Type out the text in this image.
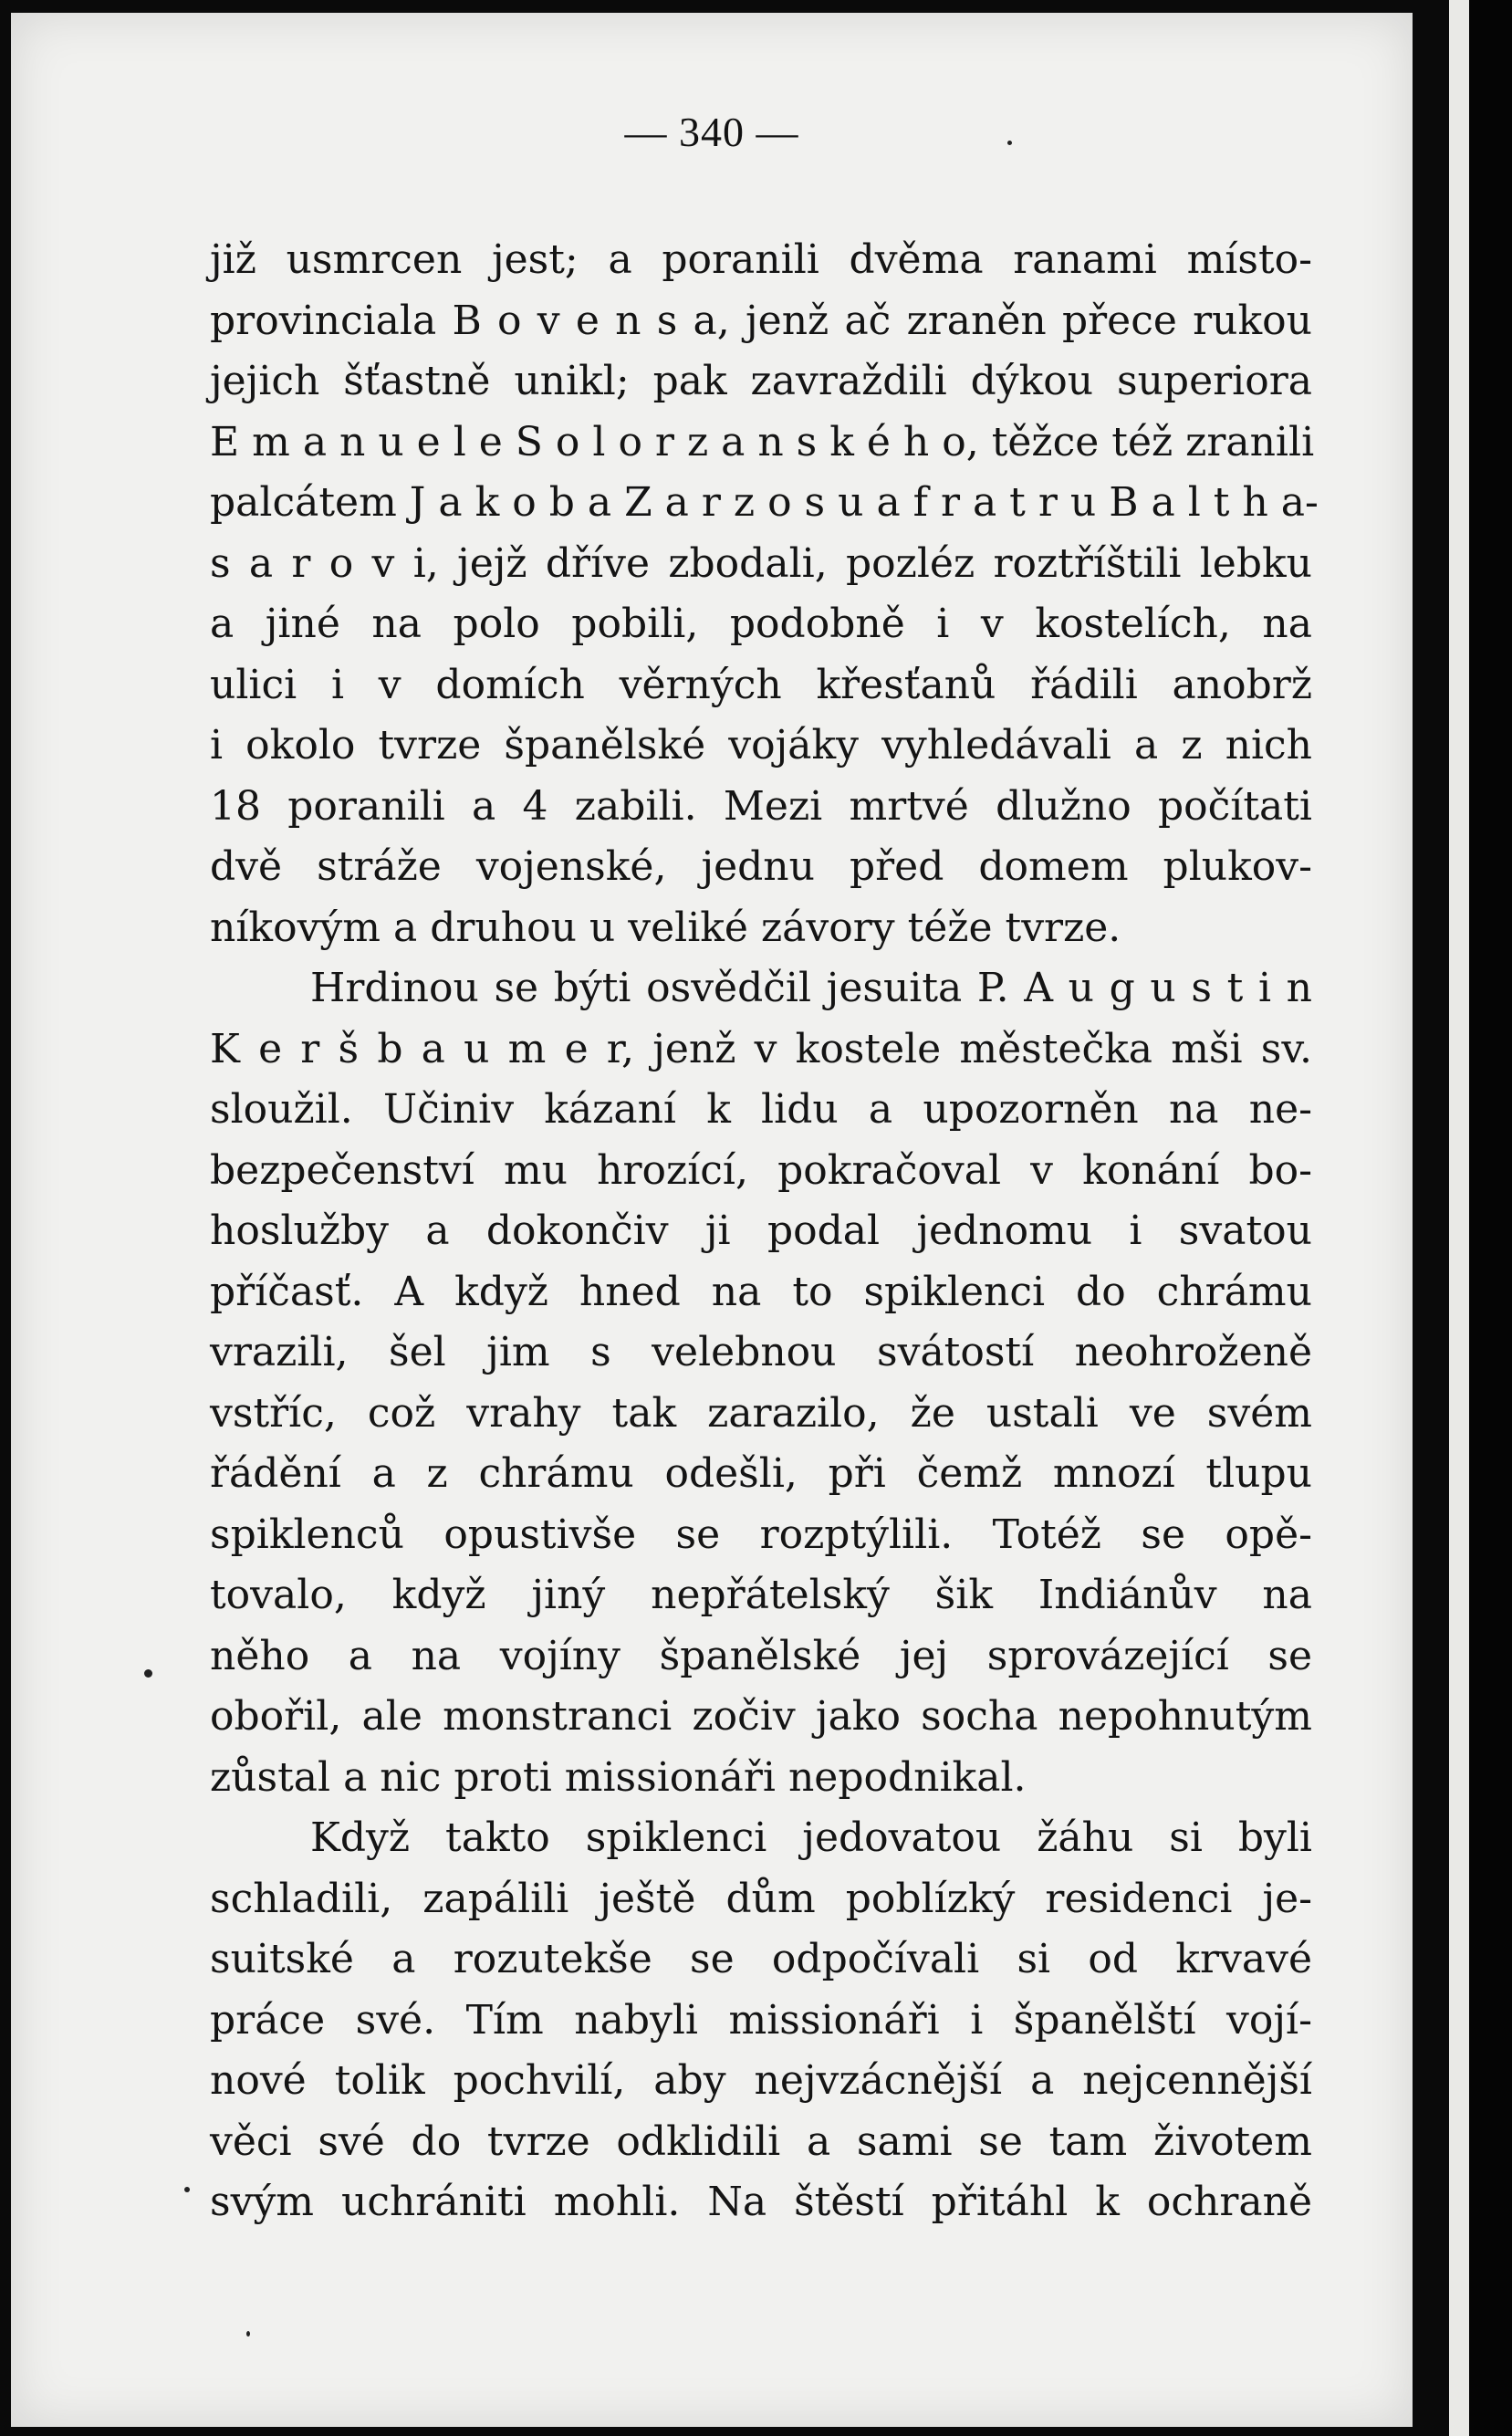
— 340 —
již usmrcen jest; a poranili dvěma ranami místo-
provinciala B o v e n s a, jenž ač zraněn přece rukou
jejich šťastně unikl; pak zavraždili dýkou superiora
E m a n u e l e S o l o r z a n s k é h o, těžce též zranili
palcátem J a k o b a Z a r z o s u a f r a t r u B a l t h a-
s a r o v i, jejž dříve zbodali, pozléz roztříštili lebku
a jiné na polo pobili, podobně i v kostelích, na
ulici i v domích věrných křesťanů řádili anobrž
i okolo tvrze španělské vojáky vyhledávali a z nich
18 poranili a 4 zabili. Mezi mrtvé dlužno počítati
dvě stráže vojenské, jednu před domem plukov-
níkovým a druhou u veliké závory téže tvrze.
Hrdinou se býti osvědčil jesuita P. A u g u s t i n
K e r š b a u m e r, jenž v kostele městečka mši sv.
sloužil. Učiniv kázaní k lidu a upozorněn na ne-
bezpečenství mu hrozící, pokračoval v konání bo-
hoslužby a dokončiv ji podal jednomu i svatou
příčasť. A když hned na to spiklenci do chrámu
vrazili, šel jim s velebnou svátostí neohroženě
vstříc, což vrahy tak zarazilo, že ustali ve svém
řádění a z chrámu odešli, při čemž mnozí tlupu
spiklenců opustivše se rozptýlili. Totéž se opě-
tovalo, když jiný nepřátelský šik Indiánův na
něho a na vojíny španělské jej sprovázející se
obořil, ale monstranci zočiv jako socha nepohnutým
zůstal a nic proti missionáři nepodnikal.
Když takto spiklenci jedovatou žáhu si byli
schladili, zapálili ještě dům poblízký residenci je-
suitské a rozutekše se odpočívali si od krvavé
práce své. Tím nabyli missionáři i španělští vojí-
nové tolik pochvilí, aby nejvzácnější a nejcennější
věci své do tvrze odklidili a sami se tam životem
svým uchrániti mohli. Na štěstí přitáhl k ochraně
